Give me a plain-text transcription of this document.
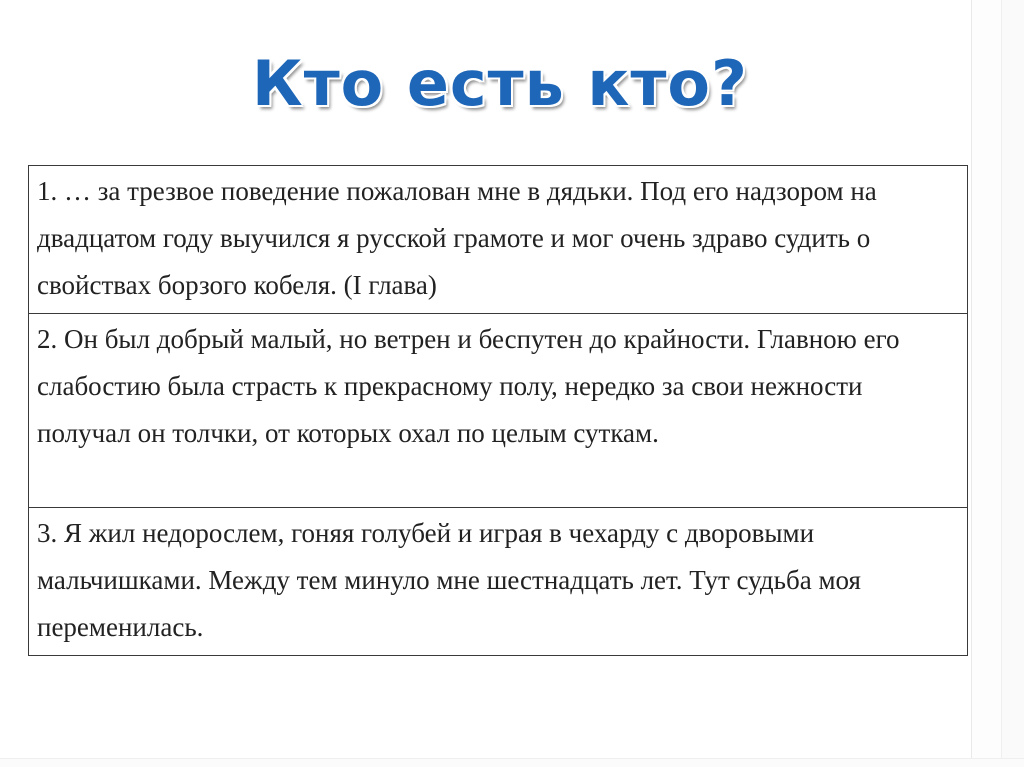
Кто есть кто?
1. … за трезвое поведение пожалован мне в дядьки. Под его надзором на двадцатом году выучился я русской грамоте и мог очень здраво судить о свойствах борзого кобеля. (I глава)
2. Он был добрый малый, но ветрен и беспутен до крайности. Главною его слабостию была страсть к прекрасному полу, нередко за свои нежности получал он толчки, от которых охал по целым суткам.
3. Я жил недорослем, гоняя голубей и играя в чехарду с дворовыми мальчишками. Между тем минуло мне шестнадцать лет. Тут судьба моя переменилась.
